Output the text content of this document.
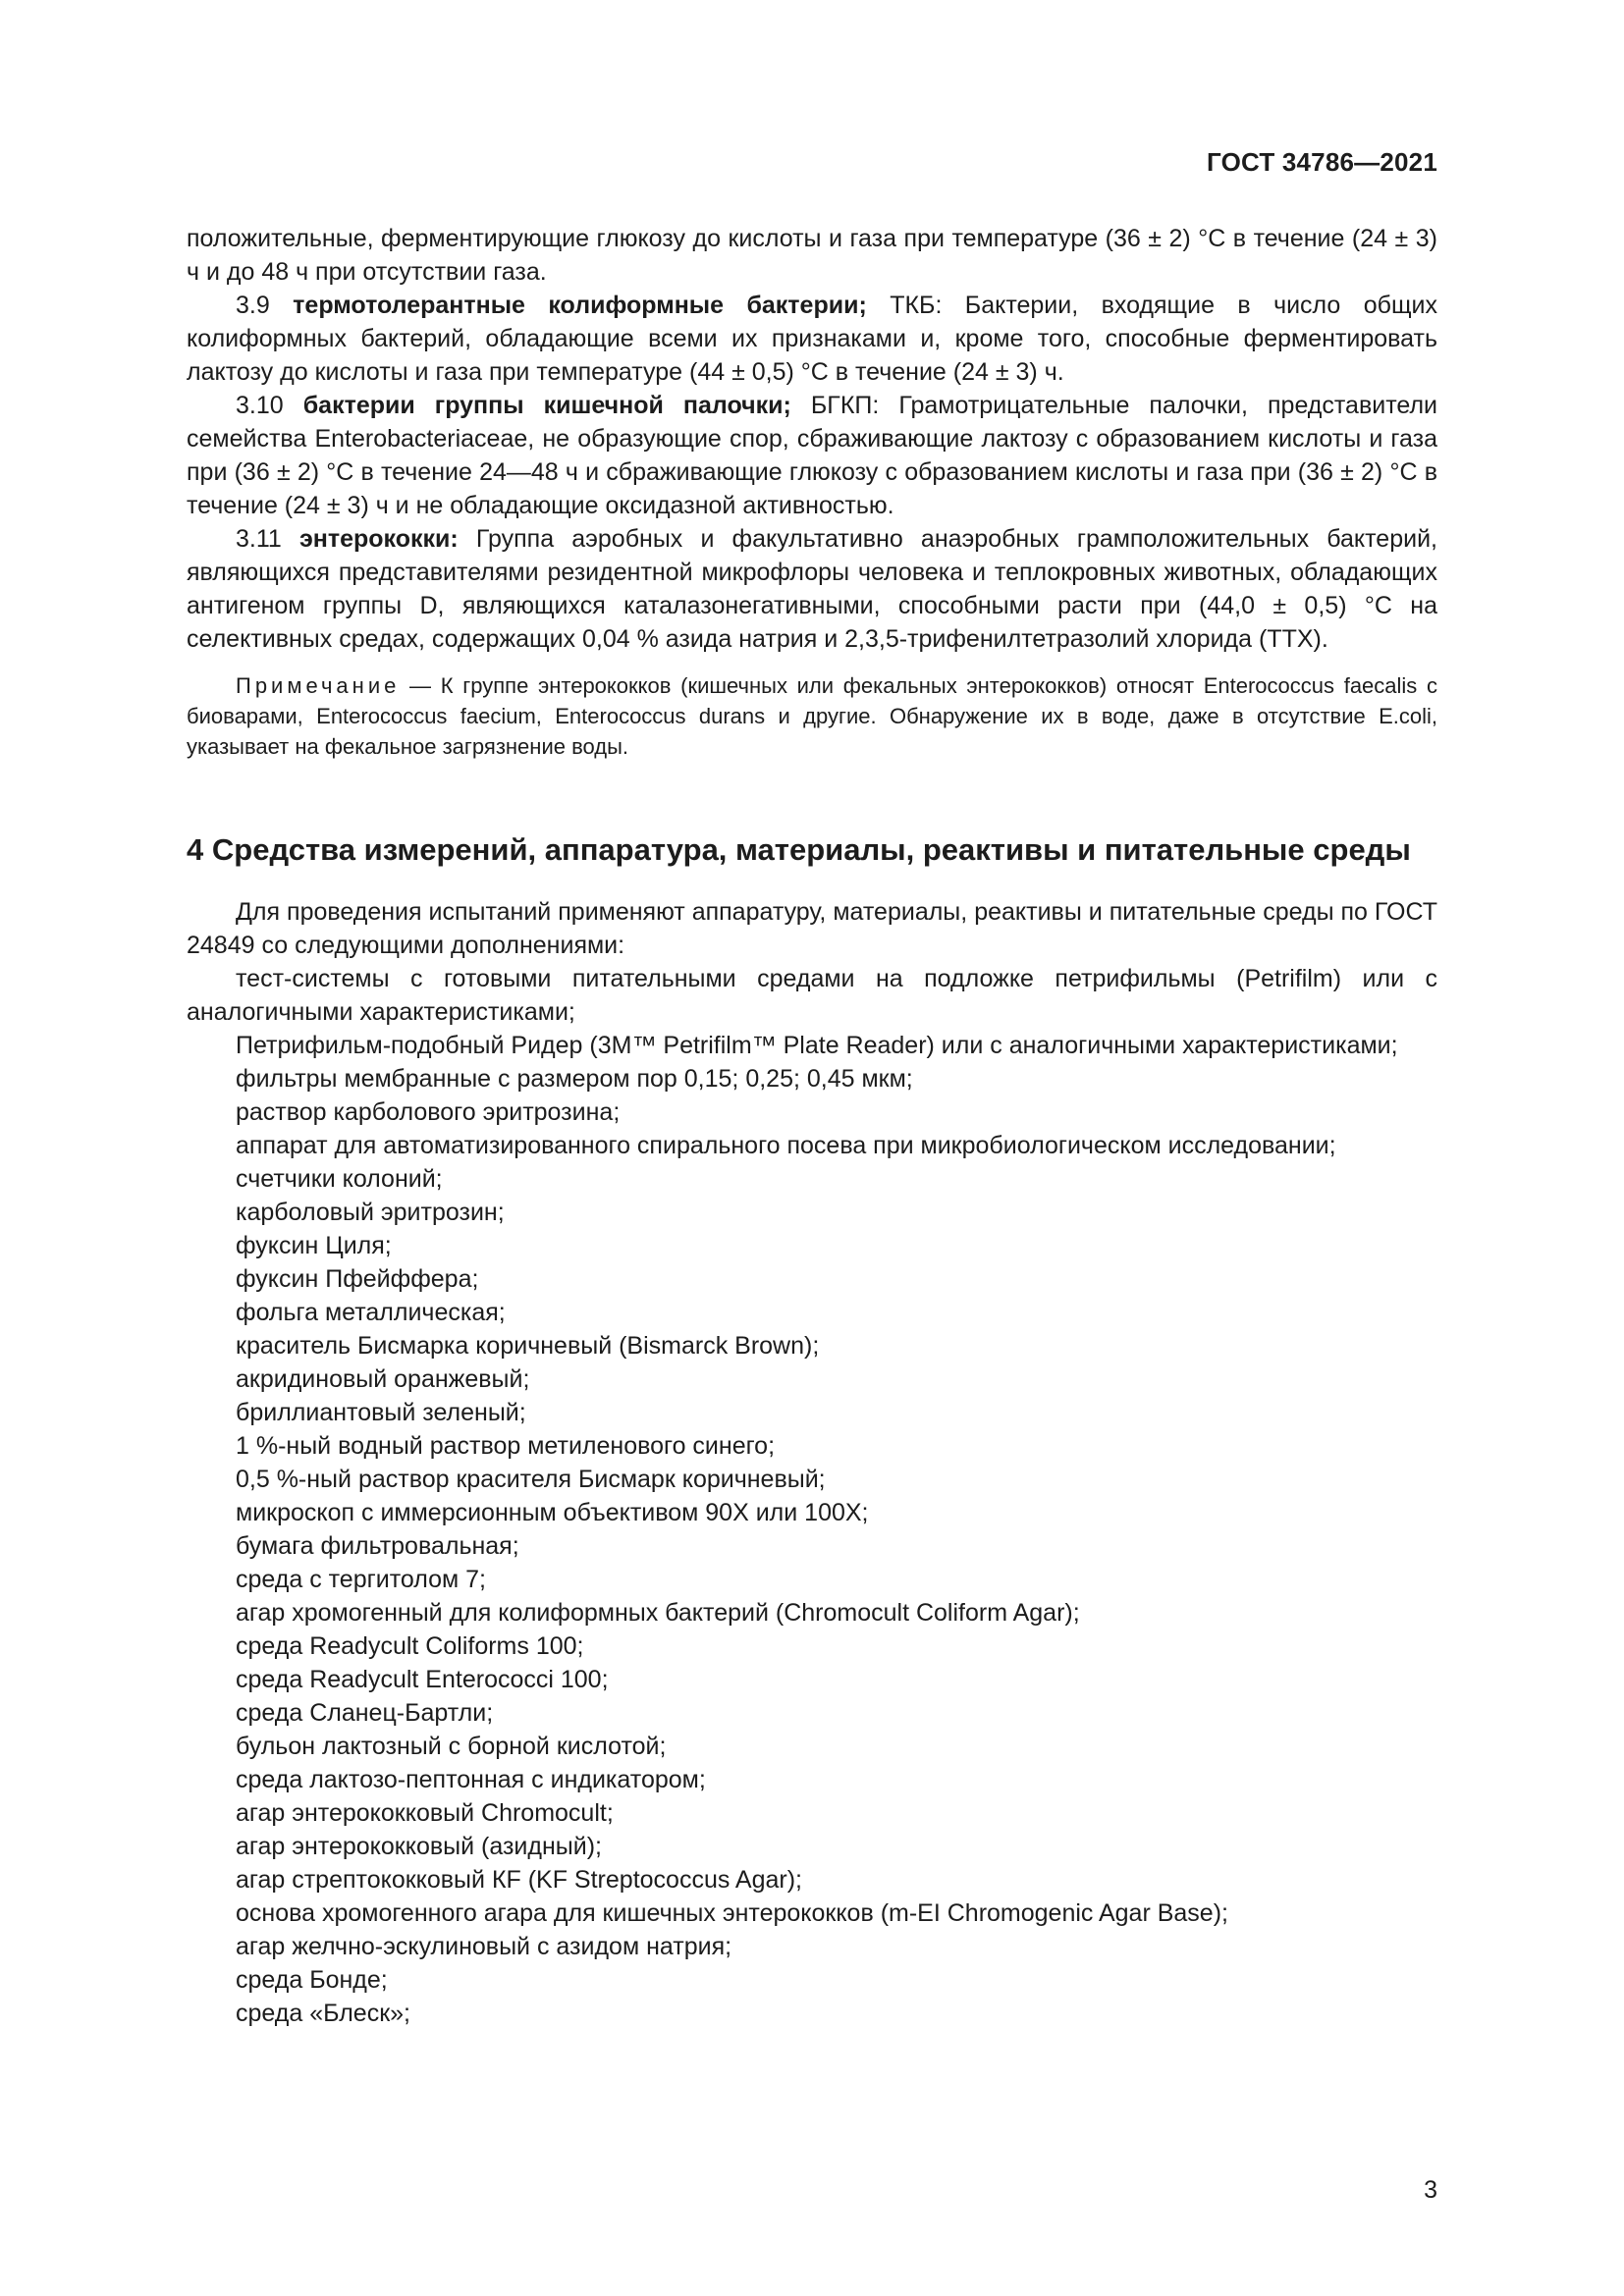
ГОСТ 34786—2021

положительные, ферментирующие глюкозу до кислоты и газа при температуре (36 ± 2) °С в течение (24 ± 3) ч и до 48 ч при отсутствии газа.

3.9 термотолерантные колиформные бактерии; ТКБ: Бактерии, входящие в число общих колиформных бактерий, обладающие всеми их признаками и, кроме того, способные ферментировать лактозу до кислоты и газа при температуре (44 ± 0,5) °С в течение (24 ± 3) ч.

3.10 бактерии группы кишечной палочки; БГКП: Грамотрицательные палочки, представители семейства Enterobacteriaceae, не образующие спор, сбраживающие лактозу с образованием кислоты и газа при (36 ± 2) °С в течение 24—48 ч и сбраживающие глюкозу с образованием кислоты и газа при (36 ± 2) °С в течение (24 ± 3) ч и не обладающие оксидазной активностью.

3.11 энтерококки: Группа аэробных и факультативно анаэробных грамположительных бактерий, являющихся представителями резидентной микрофлоры человека и теплокровных животных, обладающих антигеном группы D, являющихся каталазонегативными, способными расти при (44,0 ± 0,5) °С на селективных средах, содержащих 0,04 % азида натрия и 2,3,5-трифенилтетразолий хлорида (ТТХ).

Примечание — К группе энтерококков (кишечных или фекальных энтерококков) относят Enterococcus faecalis с биоварами, Enterococcus faecium, Enterococcus durans и другие. Обнаружение их в воде, даже в отсутствие E.coli, указывает на фекальное загрязнение воды.

4 Средства измерений, аппаратура, материалы, реактивы и питательные среды

Для проведения испытаний применяют аппаратуру, материалы, реактивы и питательные среды по ГОСТ 24849 со следующими дополнениями:

тест-системы с готовыми питательными средами на подложке петрифильмы (Petrifilm) или с аналогичными характеристиками;

Петрифильм-подобный Ридер (3M™ Petrifilm™ Plate Reader) или с аналогичными характеристиками;

фильтры мембранные с размером пор 0,15; 0,25; 0,45 мкм;

раствор карболового эритрозина;

аппарат для автоматизированного спирального посева при микробиологическом исследовании;

счетчики колоний;

карболовый эритрозин;

фуксин Циля;

фуксин Пфейффера;

фольга металлическая;

краситель Бисмарка коричневый (Bismarck Brown);

акридиновый оранжевый;

бриллиантовый зеленый;

1 %-ный водный раствор метиленового синего;

0,5 %-ный раствор красителя Бисмарк коричневый;

микроскоп с иммерсионным объективом 90X или 100X;

бумага фильтровальная;

среда с тергитолом 7;

агар хромогенный для колиформных бактерий (Chromocult Coliform Agar);

среда Readycult Coliforms 100;

среда Readycult Enterococci 100;

среда Сланец-Бартли;

бульон лактозный с борной кислотой;

среда лактозо-пептонная с индикатором;

агар энтерококковый Chromocult;

агар энтерококковый (азидный);

агар стрептококковый КF (KF Streptococcus Agar);

основа хромогенного агара для кишечных энтерококков (m-EI Chromogenic Agar Base);

агар желчно-эскулиновый с азидом натрия;

среда Бонде;

среда «Блеск»;

3
